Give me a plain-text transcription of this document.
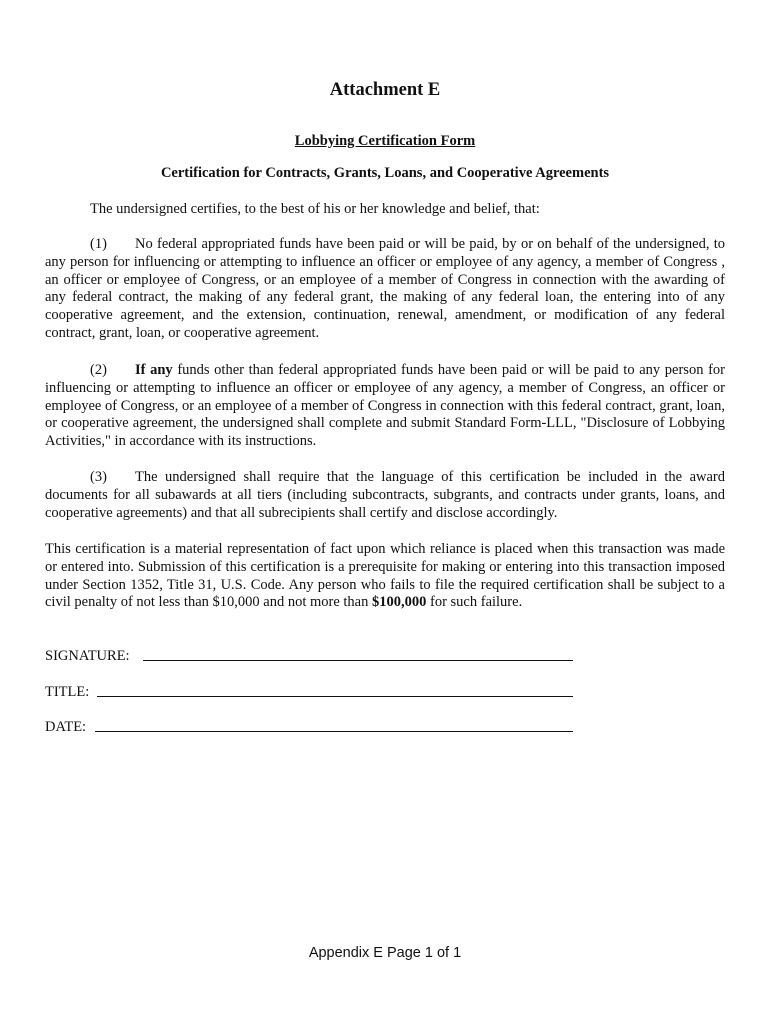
Attachment E
Lobbying Certification Form
Certification for Contracts, Grants, Loans, and Cooperative Agreements
The undersigned certifies, to the best of his or her knowledge and belief, that:

(1) No federal appropriated funds have been paid or will be paid, by or on behalf of the undersigned, to any person for influencing or attempting to influence an officer or employee of any agency, a member of Congress , an officer or employee of Congress, or an employee of a member of Congress in connection with the awarding of any federal contract, the making of any federal grant, the making of any federal loan, the entering into of any cooperative agreement, and the extension, continuation, renewal, amendment, or modification of any federal contract, grant, loan, or cooperative agreement.

(2) If any funds other than federal appropriated funds have been paid or will be paid to any person for influencing or attempting to influence an officer or employee of any agency, a member of Congress, an officer or employee of Congress, or an employee of a member of Congress in connection with this federal contract, grant, loan, or cooperative agreement, the undersigned shall complete and submit Standard Form-LLL, "Disclosure of Lobbying Activities," in accordance with its instructions.

(3) The undersigned shall require that the language of this certification be included in the award documents for all subawards at all tiers (including subcontracts, subgrants, and contracts under grants, loans, and cooperative agreements) and that all subrecipients shall certify and disclose accordingly.

This certification is a material representation of fact upon which reliance is placed when this transaction was made or entered into. Submission of this certification is a prerequisite for making or entering into this transaction imposed under Section 1352, Title 31, U.S. Code. Any person who fails to file the required certification shall be subject to a civil penalty of not less than $10,000 and not more than $100,000 for such failure.

SIGNATURE:
TITLE:
DATE:
Appendix E Page 1 of 1
